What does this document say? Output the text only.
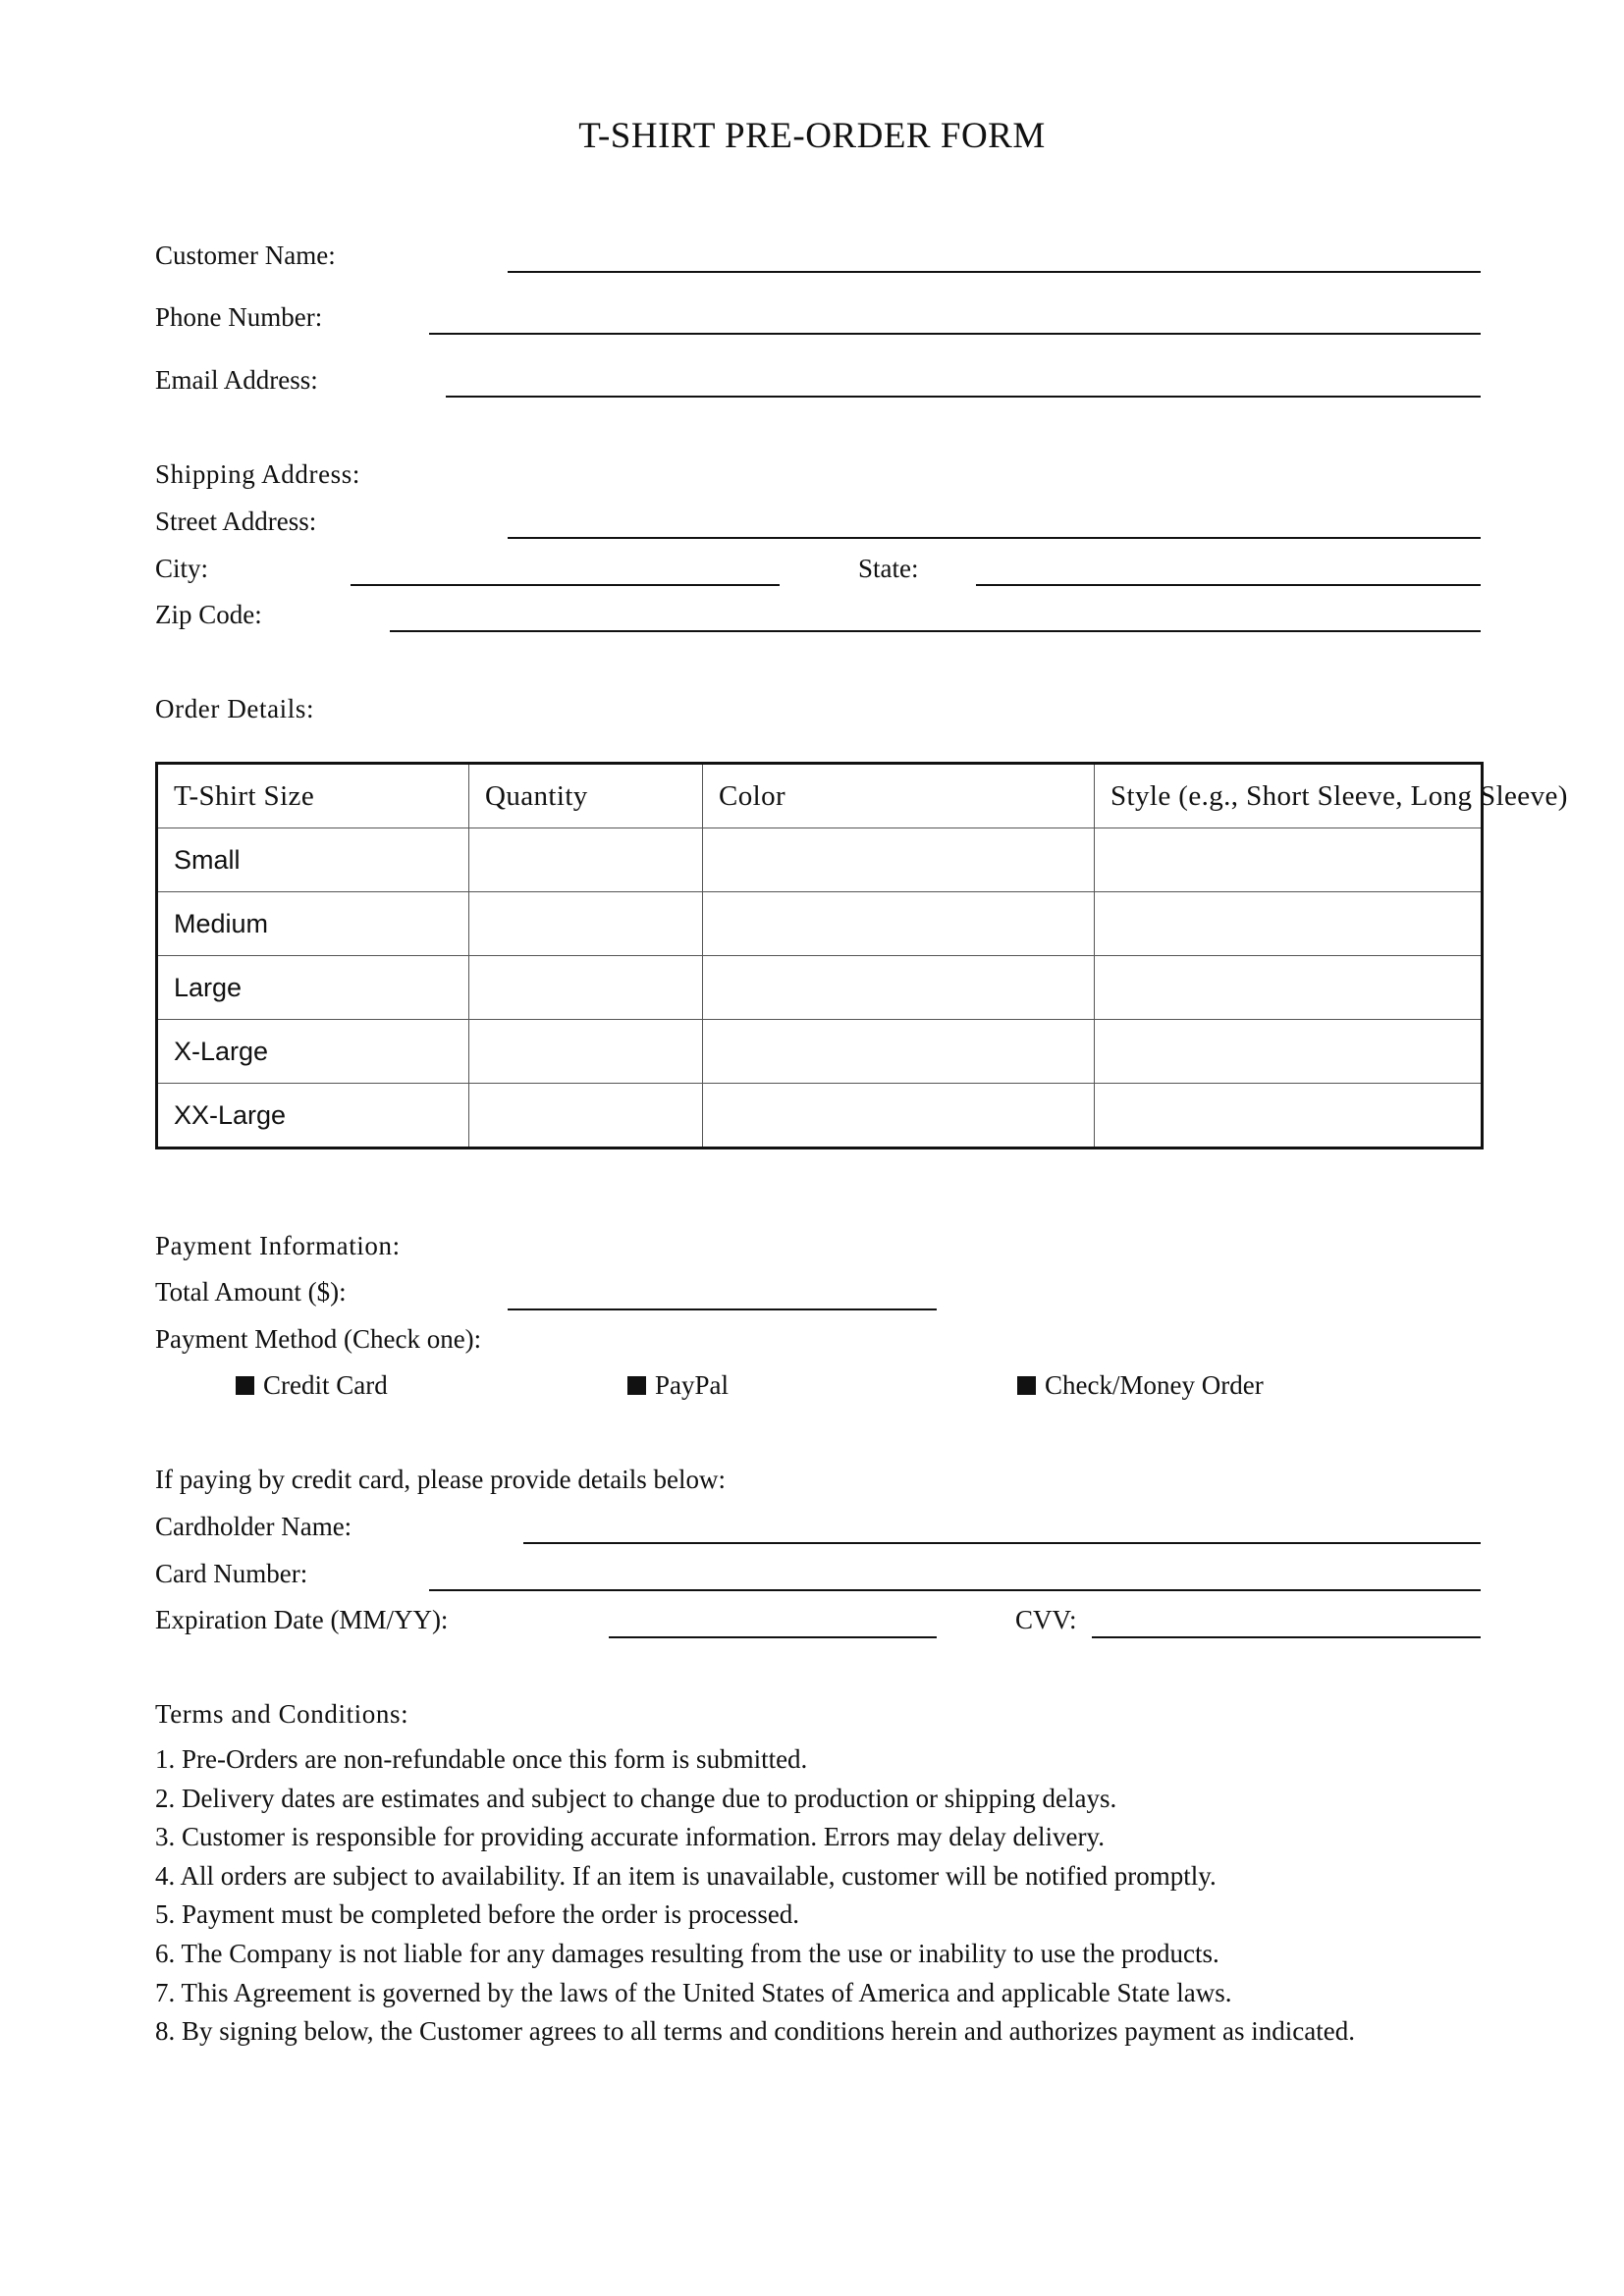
T-SHIRT PRE-ORDER FORM
Customer Name:
Phone Number:
Email Address:
Shipping Address:
Street Address:
City:	State:
Zip Code:
Order Details:
T-Shirt Size	Quantity	Color	Style (e.g., Short Sleeve, Long Sleeve)
Small			
Medium			
Large			
X-Large			
XX-Large			
Payment Information:
Total Amount ($):
Payment Method (Check one):
Credit Card	PayPal	Check/Money Order
If paying by credit card, please provide details below:
Cardholder Name:
Card Number:
Expiration Date (MM/YY):	CVV:
Terms and Conditions:
1. Pre-Orders are non-refundable once this form is submitted.
2. Delivery dates are estimates and subject to change due to production or shipping delays.
3. Customer is responsible for providing accurate information. Errors may delay delivery.
4. All orders are subject to availability. If an item is unavailable, customer will be notified promptly.
5. Payment must be completed before the order is processed.
6. The Company is not liable for any damages resulting from the use or inability to use the products.
7. This Agreement is governed by the laws of the United States of America and applicable State laws.
8. By signing below, the Customer agrees to all terms and conditions herein and authorizes payment as indicated.
